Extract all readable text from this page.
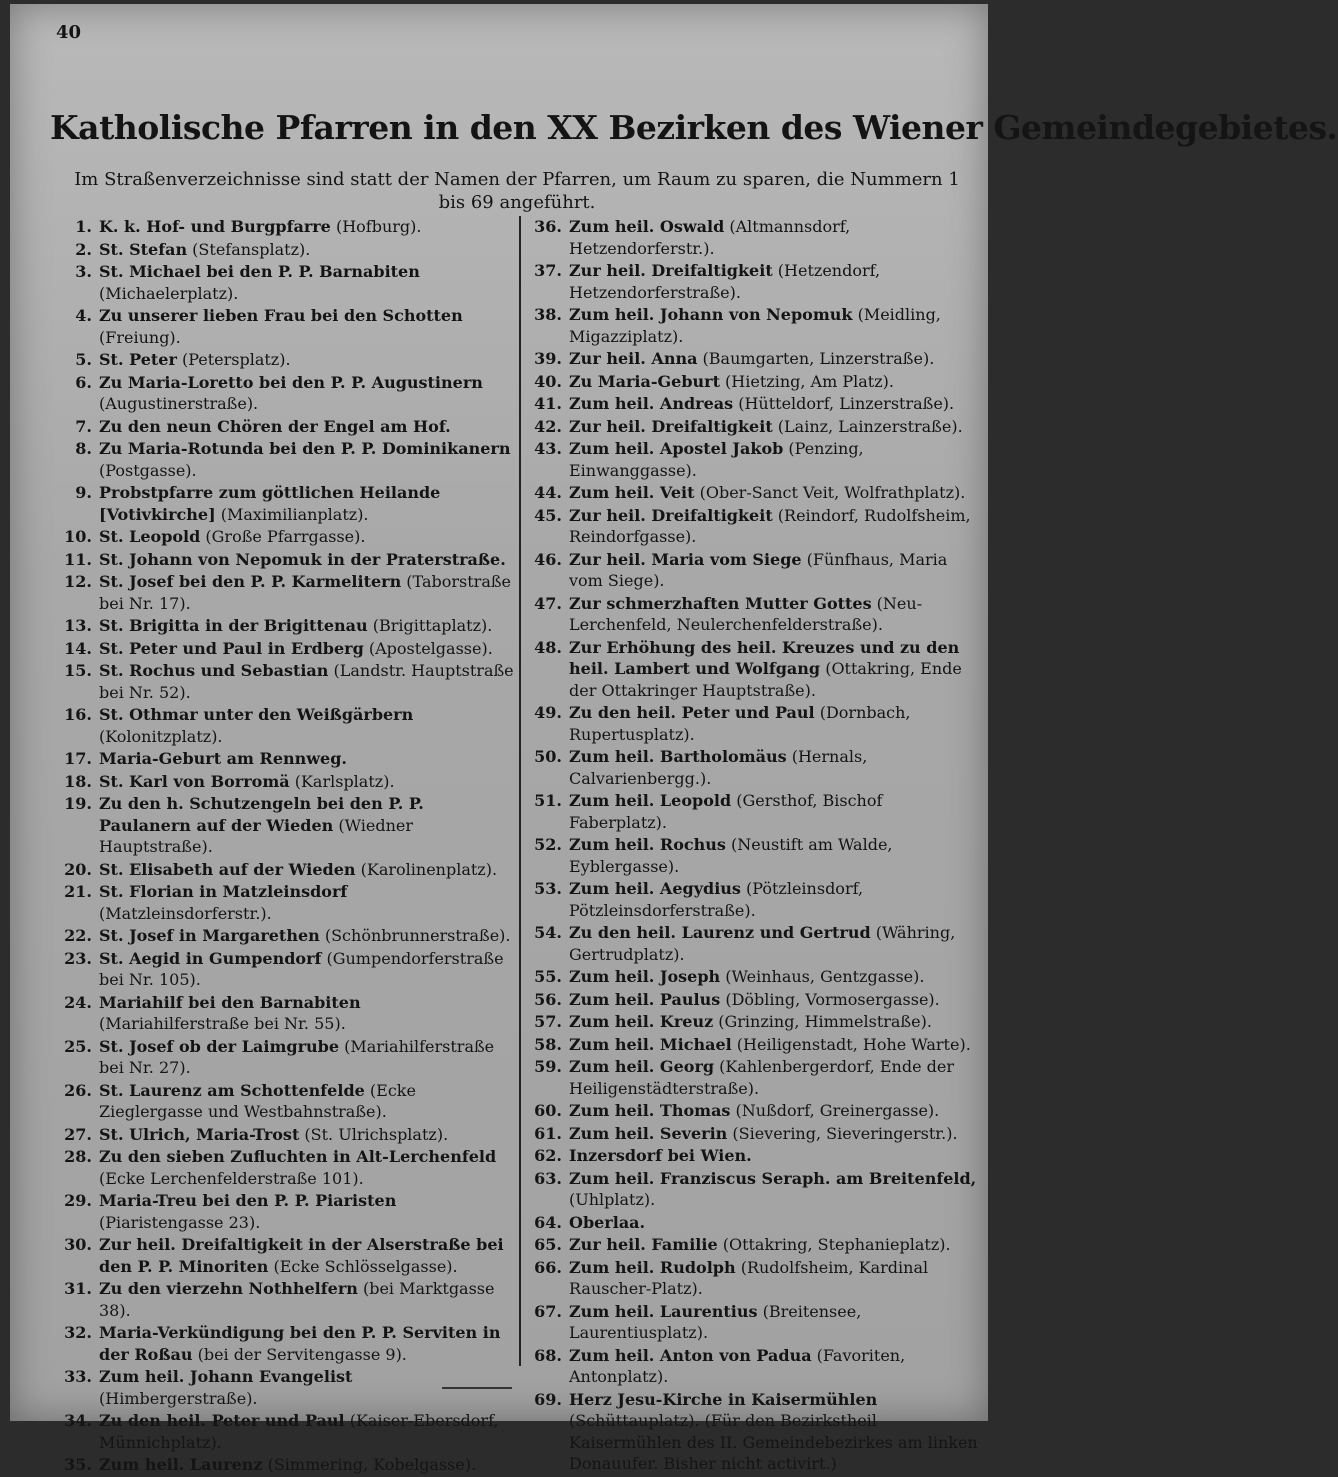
40
Katholische Pfarren in den XX Bezirken des Wiener Gemeindegebietes.
Im Straßenverzeichnisse sind statt der Namen der Pfarren, um Raum zu sparen, die Nummern 1 bis 69 angeführt.
1. K. k. Hof- und Burgpfarre (Hofburg).
2. St. Stefan (Stefansplatz).
3. St. Michael bei den P. P. Barnabiten (Michaelerplatz).
4. Zu unserer lieben Frau bei den Schotten (Freiung).
5. St. Peter (Petersplatz).
6. Zu Maria-Loretto bei den P. P. Augustinern (Augustinerstraße).
7. Zu den neun Chören der Engel am Hof.
8. Zu Maria-Rotunda bei den P. P. Dominikanern (Postgasse).
9. Probstpfarre zum göttlichen Heilande [Votivkirche] (Maximilianplatz).
10. St. Leopold (Große Pfarrgasse).
11. St. Johann von Nepomuk in der Praterstraße.
12. St. Josef bei den P. P. Karmelitern (Taborstraße bei Nr. 17).
13. St. Brigitta in der Brigittenau (Brigittaplatz).
14. St. Peter und Paul in Erdberg (Apostelgasse).
15. St. Rochus und Sebastian (Landstr. Hauptstraße bei Nr. 52).
16. St. Othmar unter den Weißgärbern (Kolonitzplatz).
17. Maria-Geburt am Rennweg.
18. St. Karl von Borromä (Karlsplatz).
19. Zu den h. Schutzengeln bei den P. P. Paulanern auf der Wieden (Wiedner Hauptstraße).
20. St. Elisabeth auf der Wieden (Karolinenplatz).
21. St. Florian in Matzleinsdorf (Matzleinsdorferstr.).
22. St. Josef in Margarethen (Schönbrunnerstraße).
23. St. Aegid in Gumpendorf (Gumpendorferstraße bei Nr. 105).
24. Mariahilf bei den Barnabiten (Mariahilferstraße bei Nr. 55).
25. St. Josef ob der Laimgrube (Mariahilferstraße bei Nr. 27).
26. St. Laurenz am Schottenfelde (Ecke Zieglergasse und Westbahnstraße).
27. St. Ulrich, Maria-Trost (St. Ulrichsplatz).
28. Zu den sieben Zufluchten in Alt-Lerchenfeld (Ecke Lerchenfelderstraße 101).
29. Maria-Treu bei den P. P. Piaristen (Piaristengasse 23).
30. Zur heil. Dreifaltigkeit in der Alserstraße bei den P. P. Minoriten (Ecke Schlösselgasse).
31. Zu den vierzehn Nothhelfern (bei Marktgasse 38).
32. Maria-Verkündigung bei den P. P. Serviten in der Roßau (bei der Servitengasse 9).
33. Zum heil. Johann Evangelist (Himbergerstraße).
34. Zu den heil. Peter und Paul (Kaiser-Ebersdorf, Münnichplatz).
35. Zum heil. Laurenz (Simmering, Kobelgasse).
36. Zum heil. Oswald (Altmannsdorf, Hetzendorferstr.).
37. Zur heil. Dreifaltigkeit (Hetzendorf, Hetzendorferstraße).
38. Zum heil. Johann von Nepomuk (Meidling, Migazziplatz).
39. Zur heil. Anna (Baumgarten, Linzerstraße).
40. Zu Maria-Geburt (Hietzing, Am Platz).
41. Zum heil. Andreas (Hütteldorf, Linzerstraße).
42. Zur heil. Dreifaltigkeit (Lainz, Lainzerstraße).
43. Zum heil. Apostel Jakob (Penzing, Einwanggasse).
44. Zum heil. Veit (Ober-Sanct Veit, Wolfrathplatz).
45. Zur heil. Dreifaltigkeit (Reindorf, Rudolfsheim, Reindorfgasse).
46. Zur heil. Maria vom Siege (Fünfhaus, Maria vom Siege).
47. Zur schmerzhaften Mutter Gottes (Neu-Lerchenfeld, Neulerchenfelderstraße).
48. Zur Erhöhung des heil. Kreuzes und zu den heil. Lambert und Wolfgang (Ottakring, Ende der Ottakringer Hauptstraße).
49. Zu den heil. Peter und Paul (Dornbach, Rupertusplatz).
50. Zum heil. Bartholomäus (Hernals, Calvarienbergg.).
51. Zum heil. Leopold (Gersthof, Bischof Faberplatz).
52. Zum heil. Rochus (Neustift am Walde, Eyblergasse).
53. Zum heil. Aegydius (Pötzleinsdorf, Pötzleinsdorferstraße).
54. Zu den heil. Laurenz und Gertrud (Währing, Gertrudplatz).
55. Zum heil. Joseph (Weinhaus, Gentzgasse).
56. Zum heil. Paulus (Döbling, Vormosergasse).
57. Zum heil. Kreuz (Grinzing, Himmelstraße).
58. Zum heil. Michael (Heiligenstadt, Hohe Warte).
59. Zum heil. Georg (Kahlenbergerdorf, Ende der Heiligenstädterstraße).
60. Zum heil. Thomas (Nußdorf, Greinergasse).
61. Zum heil. Severin (Sievering, Sieveringerstr.).
62. Inzersdorf bei Wien.
63. Zum heil. Franziscus Seraph. am Breitenfeld, (Uhlplatz).
64. Oberlaa.
65. Zur heil. Familie (Ottakring, Stephanieplatz).
66. Zum heil. Rudolph (Rudolfsheim, Kardinal Rauscher-Platz).
67. Zum heil. Laurentius (Breitensee, Laurentiusplatz).
68. Zum heil. Anton von Padua (Favoriten, Antonplatz).
69. Herz Jesu-Kirche in Kaisermühlen (Schüttauplatz). (Für den Bezirkstheil Kaisermühlen des II. Gemeindebezirkes am linken Donauufer. Bisher nicht activirt.)
